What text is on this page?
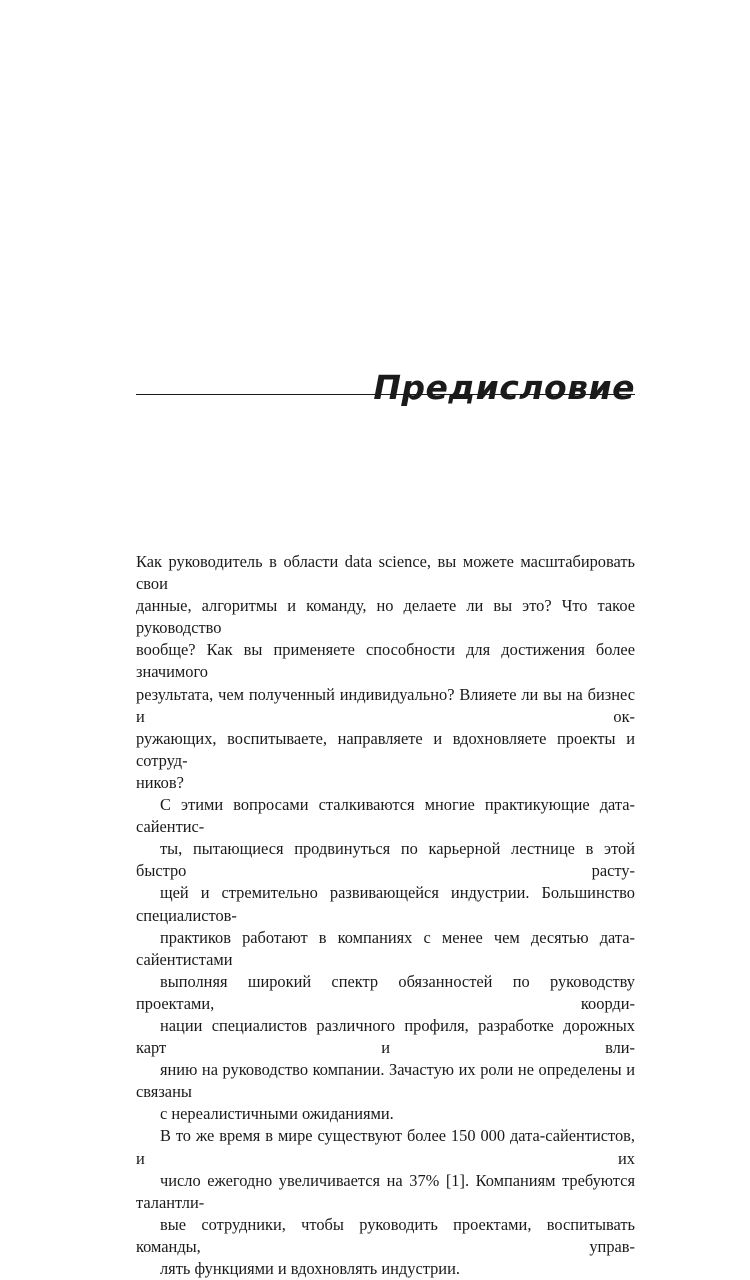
Предисловие

Как руководитель в области data science, вы можете масштабировать свои
данные, алгоритмы и команду, но делаете ли вы это? Что такое руководство
вообще? Как вы применяете способности для достижения более значимого
результата, чем полученный индивидуально? Влияете ли вы на бизнес и ок-
ружающих, воспитываете, направляете и вдохновляете проекты и сотруд-
ников?

С этими вопросами сталкиваются многие практикующие дата-сайентис-
ты, пытающиеся продвинуться по карьерной лестнице в этой быстро расту-
щей и стремительно развивающейся индустрии. Большинство специалистов-
практиков работают в компаниях с менее чем десятью дата-сайентистами
выполняя широкий спектр обязанностей по руководству проектами, коорди-
нации специалистов различного профиля, разработке дорожных карт и вли-
янию на руководство компании. Зачастую их роли не определены и связаны
с нереалистичными ожиданиями.

В то же время в мире существуют более 150 000 дата-сайентистов, и их
число ежегодно увеличивается на 37% [1]. Компаниям требуются талантли-
вые сотрудники, чтобы руководить проектами, воспитывать команды, управ-
лять функциями и вдохновлять индустрии.
